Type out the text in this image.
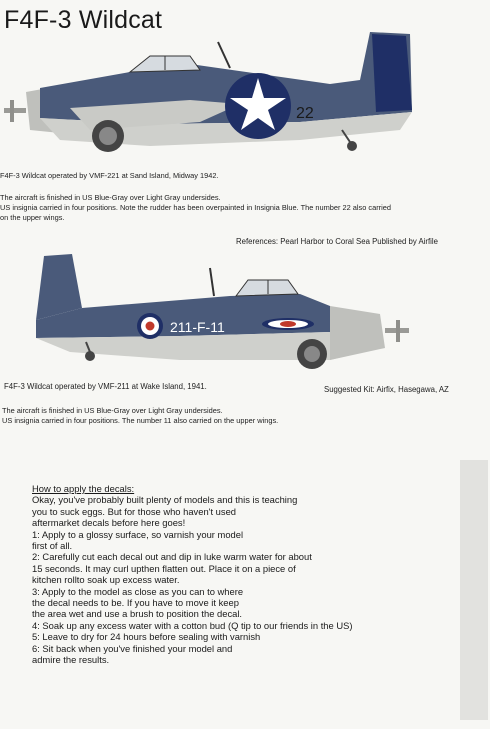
F4F-3 Wildcat
22
F4F-3 Wildcat operated by VMF-221 at Sand Island, Midway 1942.
The aircraft is finished in US Blue-Gray over Light Gray undersides.
US insignia carried in four positions. Note the rudder has been overpainted in Insignia Blue. The number 22 also carried
on the upper wings.
References: Pearl Harbor to Coral Sea Published by Airfile
211-F-11
F4F-3 Wildcat operated by VMF-211 at Wake Island, 1941.	Suggested Kit: Airfix, Hasegawa, AZ
The aircraft is finished in US Blue-Gray over Light Gray undersides.
US insignia carried in four positions. The number 11 also carried on the upper wings.
How to apply the decals:
Okay, you've probably built plenty of models and this is teaching
you to suck eggs. But for those who haven't used
aftermarket decals before here goes!
1: Apply to a glossy surface, so varnish your model
first of all.
2: Carefully cut each decal out and dip in luke warm water for about
15 seconds. It may curl upthen flatten out. Place it on a piece of
kitchen rollto soak up excess water.
3: Apply to the model as close as you can to where
the decal needs to be. If you have to move it keep
the area wet and use a brush to position the decal.
4: Soak up any excess water with a cotton bud (Q tip to our friends in the US)
5: Leave to dry for 24 hours before sealing with varnish
6: Sit back when you've finished your model and
admire the results.
